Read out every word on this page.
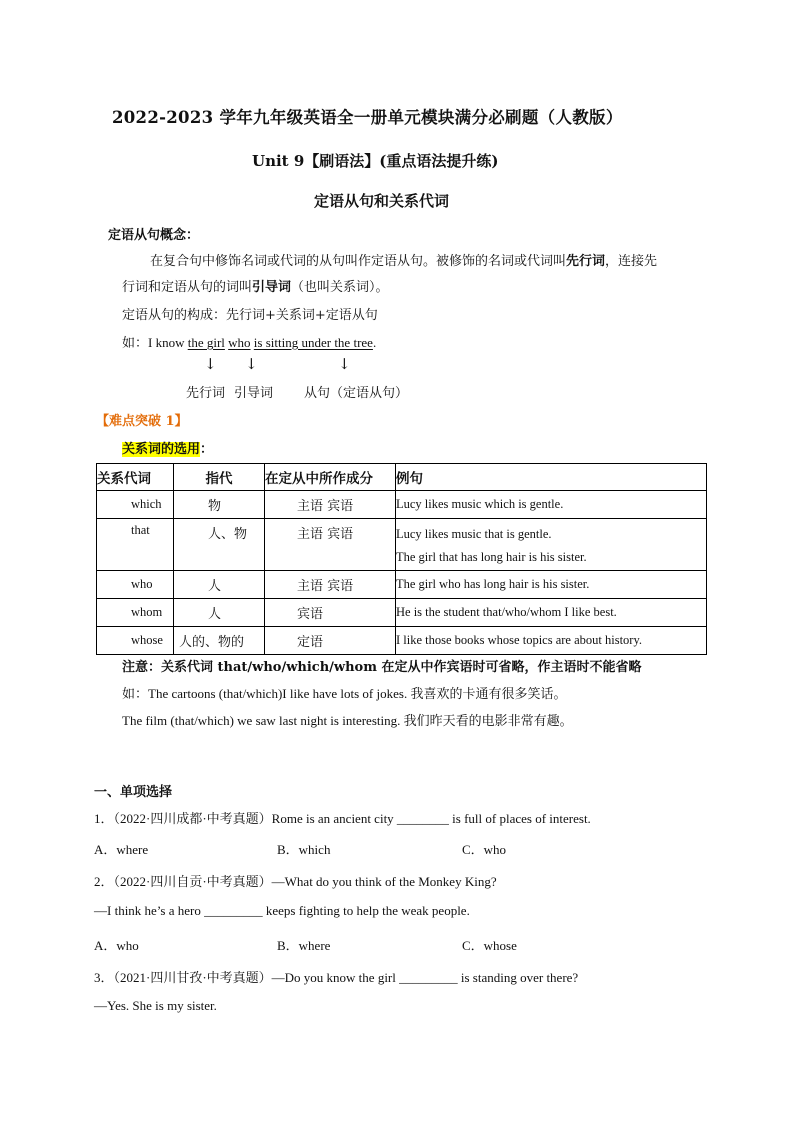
2022-2023 学年九年级英语全一册单元模块满分必刷题（人教版）
Unit 9【刷语法】(重点语法提升练)
定语从句和关系代词
定语从句概念：
在复合句中修饰名词或代词的从句叫作定语从句。被修饰的名词或代词叫先行词，连接先
行词和定语从句的词叫引导词（也叫关系词）。
定语从句的构成：先行词+关系词+定语从句
如：I know the girl who is sitting under the tree.
↓ ↓	↓
先行词 引导词 从句（定语从句）
【难点突破 1】
关系词的选用：
关系代词	指代	在定从中所作成分	例句
which	物	主语 宾语	Lucy likes music which is gentle.
that	人、物	主语 宾语	Lucy likes music that is gentle.
The girl that has long hair is his sister.

who	人	主语 宾语	The girl who has long hair is his sister.
whom	人	宾语	He is the student that/who/whom I like best.
whose	人的、物的	定语	I like those books whose topics are about history.
注意：关系代词 that/who/which/whom 在定从中作宾语时可省略，作主语时不能省略
如：The cartoons (that/which)I like have lots of jokes. 我喜欢的卡通有很多笑话。
The film (that/which) we saw last night is interesting. 我们昨天看的电影非常有趣。
一、单项选择
1．（2022·四川成都·中考真题）Rome is an ancient city ________ is full of places of interest.
A．where	B．which	C．who
2．（2022·四川自贡·中考真题）—What do you think of the Monkey King?
—I think he’s a hero _________ keeps fighting to help the weak people.
A．who	B．where	C．whose
3．（2021·四川甘孜·中考真题）—Do you know the girl _________ is standing over there?
—Yes. She is my sister.
